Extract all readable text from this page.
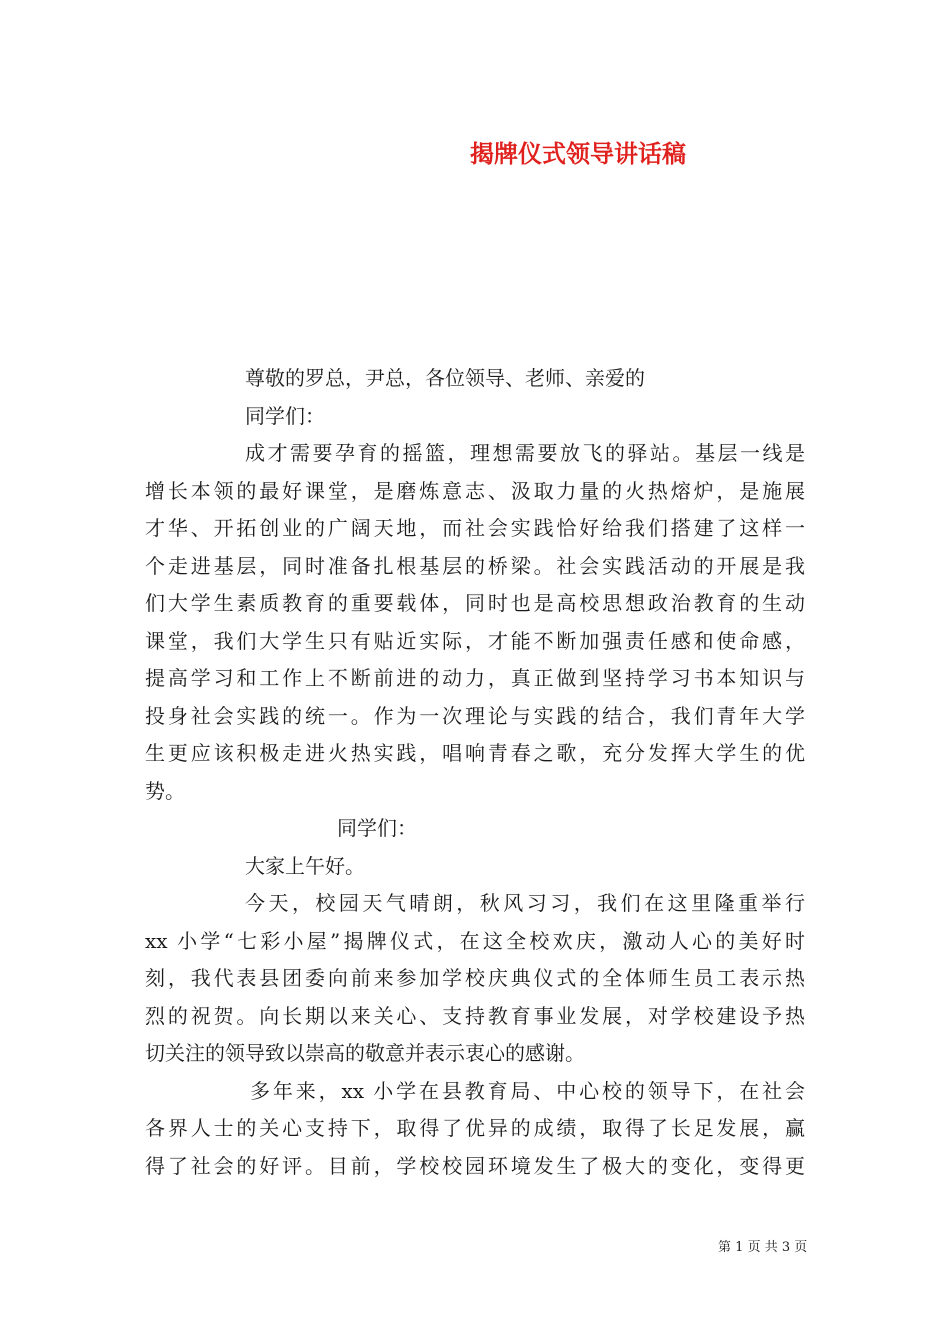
揭牌仪式领导讲话稿
尊敬的罗总，尹总，各位领导、老师、亲爱的
同学们：
成才需要孕育的摇篮，理想需要放飞的驿站。基层一线是
增长本领的最好课堂，是磨炼意志、汲取力量的火热熔炉，是施展
才华、开拓创业的广阔天地，而社会实践恰好给我们搭建了这样一
个走进基层，同时准备扎根基层的桥梁。社会实践活动的开展是我
们大学生素质教育的重要载体，同时也是高校思想政治教育的生动
课堂，我们大学生只有贴近实际，才能不断加强责任感和使命感，
提高学习和工作上不断前进的动力，真正做到坚持学习书本知识与
投身社会实践的统一。作为一次理论与实践的结合，我们青年大学
生更应该积极走进火热实践，唱响青春之歌，充分发挥大学生的优
势。
同学们：
大家上午好。
今天，校园天气晴朗，秋风习习，我们在这里隆重举行
xx 小学“七彩小屋”揭牌仪式，在这全校欢庆，激动人心的美好时
刻，我代表县团委向前来参加学校庆典仪式的全体师生员工表示热
烈的祝贺。向长期以来关心、支持教育事业发展，对学校建设予热
切关注的领导致以崇高的敬意并表示衷心的感谢。
多年来，xx 小学在县教育局、中心校的领导下，在社会
各界人士的关心支持下，取得了优异的成绩，取得了长足发展，赢
得了社会的好评。目前，学校校园环境发生了极大的变化，变得更
第 1 页 共 3 页
